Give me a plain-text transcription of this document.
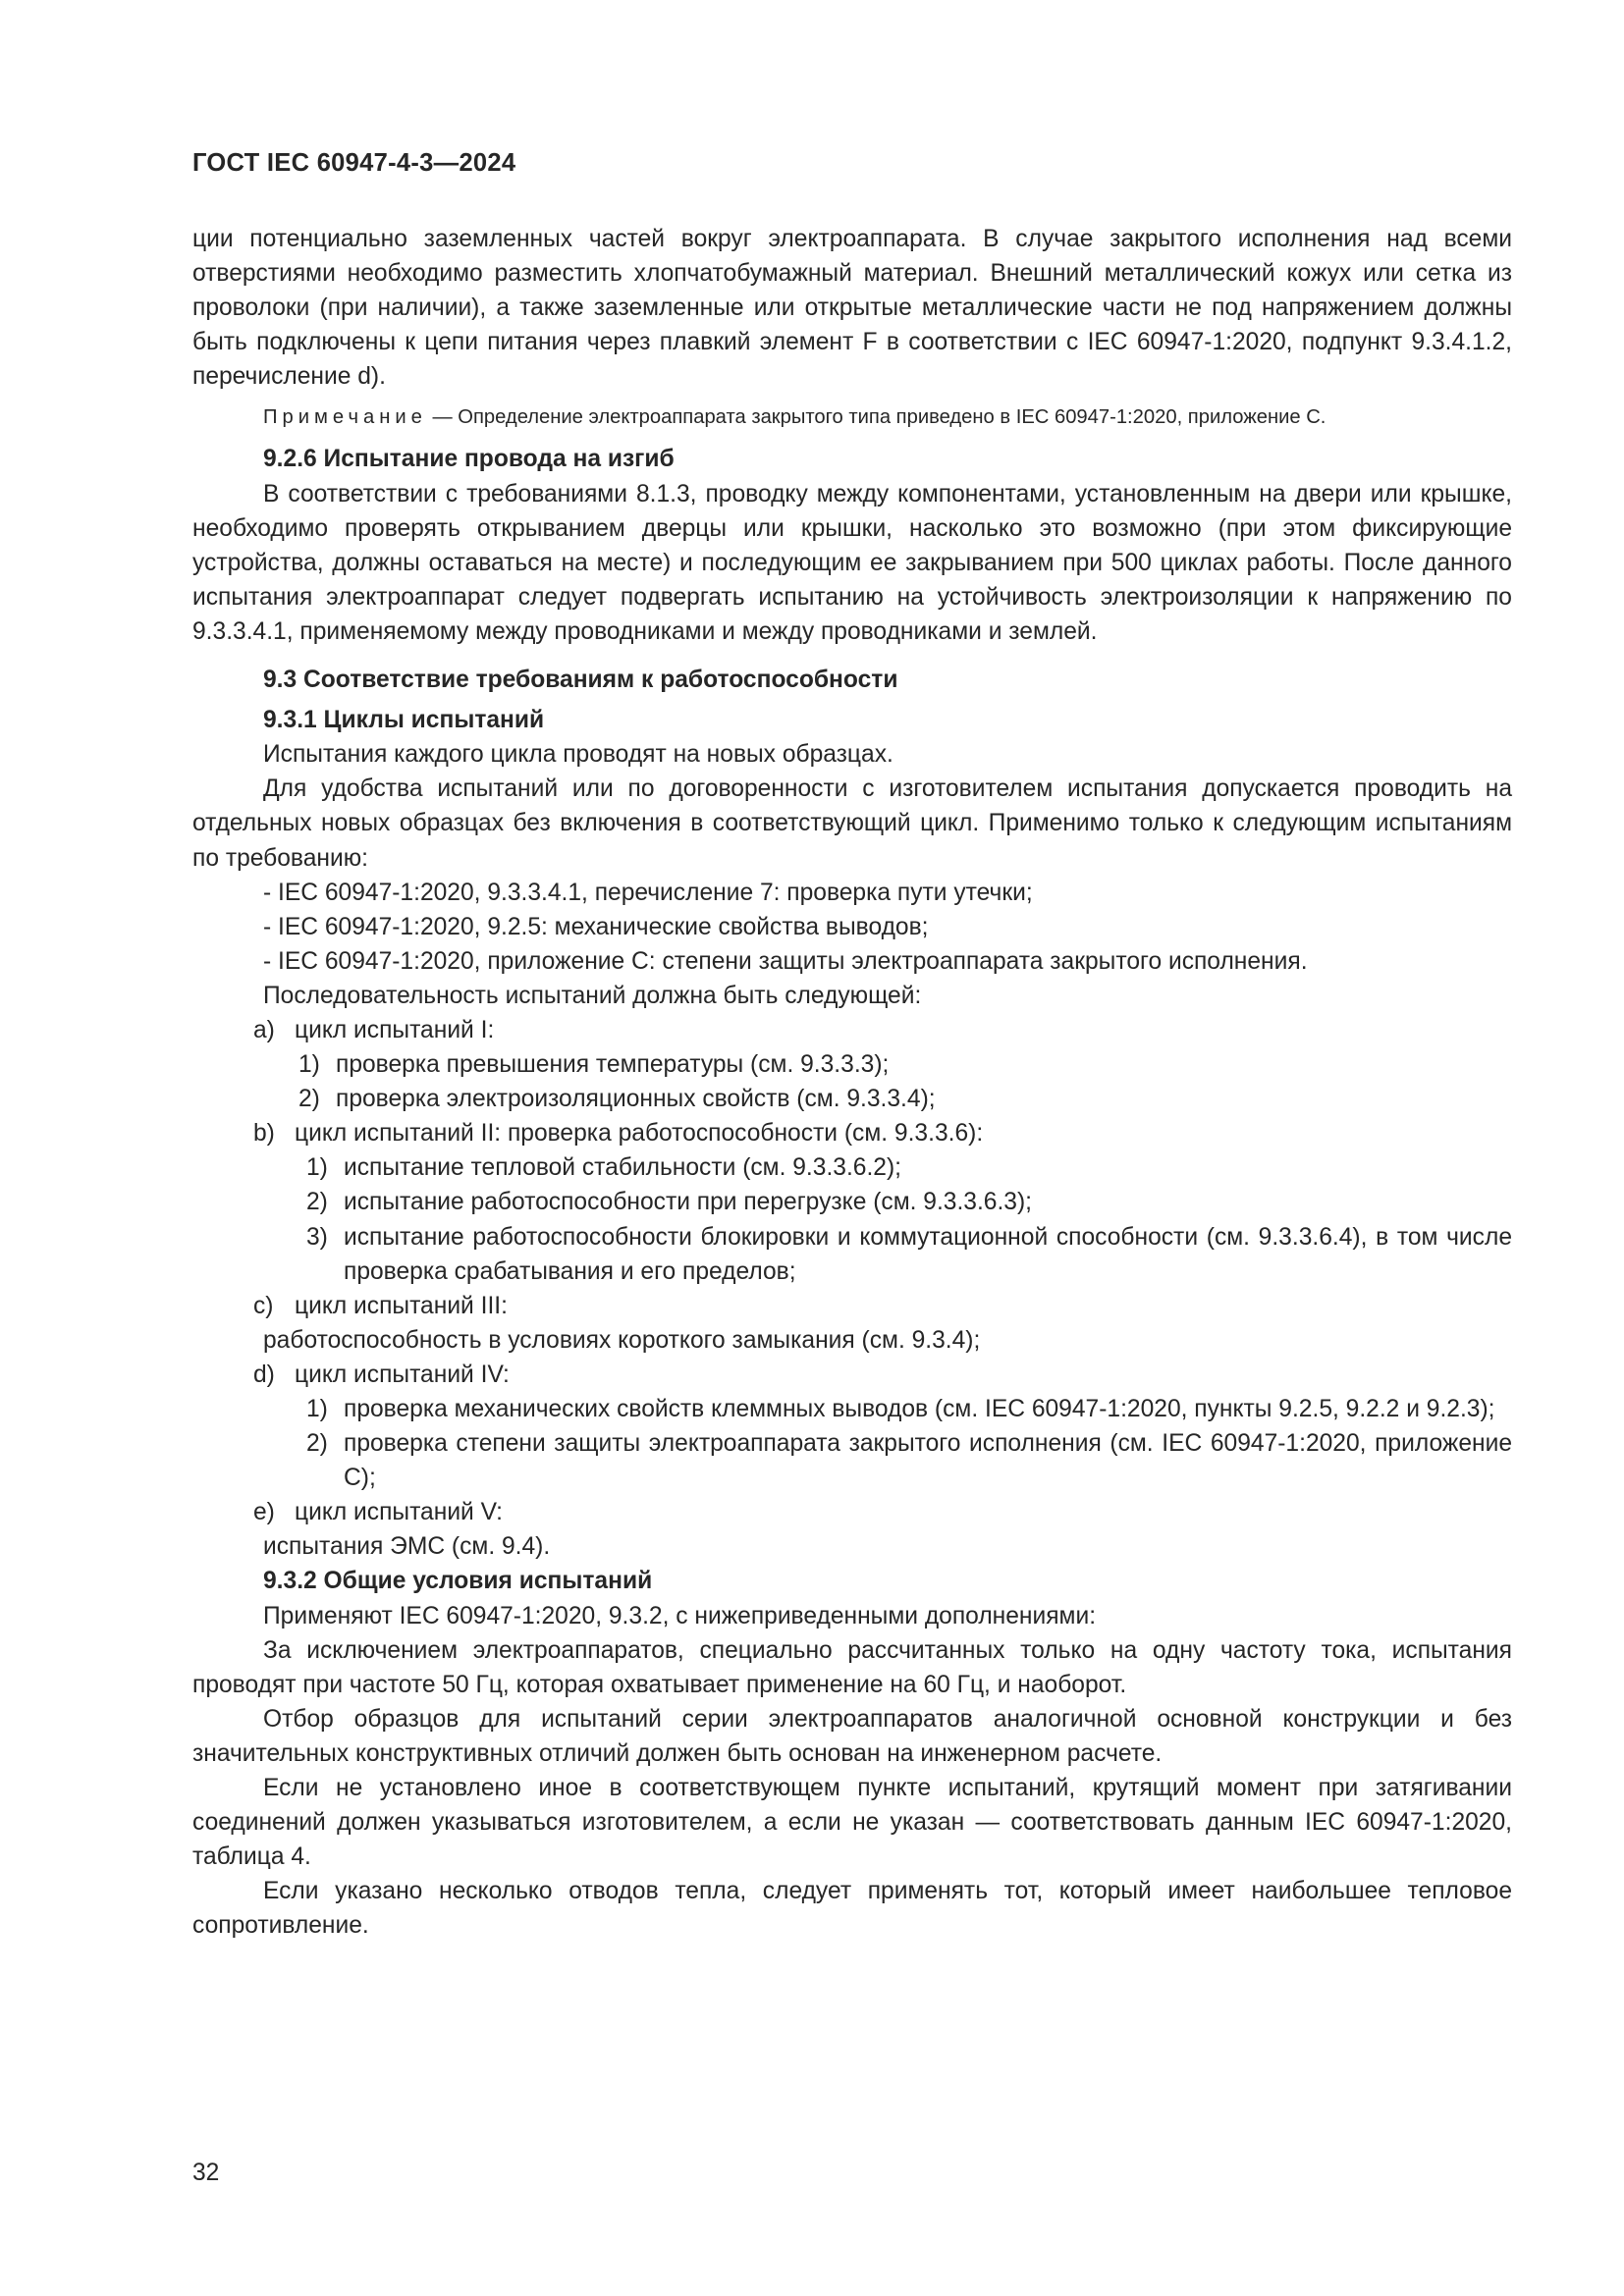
ГОСТ IEC 60947-4-3—2024

ции потенциально заземленных частей вокруг электроаппарата. В случае закрытого исполнения над всеми отверстиями необходимо разместить хлопчатобумажный материал. Внешний металлический кожух или сетка из проволоки (при наличии), а также заземленные или открытые металлические части не под напряжением должны быть подключены к цепи питания через плавкий элемент F в соответствии с IEC 60947-1:2020, подпункт 9.3.4.1.2, перечисление d).

Примечание — Определение электроаппарата закрытого типа приведено в IEC 60947-1:2020, приложение С.

9.2.6 Испытание провода на изгиб

В соответствии с требованиями 8.1.3, проводку между компонентами, установленным на двери или крышке, необходимо проверять открыванием дверцы или крышки, насколько это возможно (при этом фиксирующие устройства, должны оставаться на месте) и последующим ее закрыванием при 500 циклах работы. После данного испытания электроаппарат следует подвергать испытанию на устойчивость электроизоляции к напряжению по 9.3.3.4.1, применяемому между проводниками и между проводниками и землей.

9.3 Соответствие требованиям к работоспособности

9.3.1 Циклы испытаний

Испытания каждого цикла проводят на новых образцах.

Для удобства испытаний или по договоренности с изготовителем испытания допускается проводить на отдельных новых образцах без включения в соответствующий цикл. Применимо только к следующим испытаниям по требованию:

- IEC 60947-1:2020, 9.3.3.4.1, перечисление 7: проверка пути утечки;

- IEC 60947-1:2020, 9.2.5: механические свойства выводов;

- IEC 60947-1:2020, приложение С: степени защиты электроаппарата закрытого исполнения.

Последовательность испытаний должна быть следующей:

a) цикл испытаний I:
1) проверка превышения температуры (см. 9.3.3.3);
2) проверка электроизоляционных свойств (см. 9.3.3.4);
b) цикл испытаний II: проверка работоспособности (см. 9.3.3.6):
1) испытание тепловой стабильности (см. 9.3.3.6.2);
2) испытание работоспособности при перегрузке (см. 9.3.3.6.3);
3) испытание работоспособности блокировки и коммутационной способности (см. 9.3.3.6.4), в том числе проверка срабатывания и его пределов;
c) цикл испытаний III:

работоспособность в условиях короткого замыкания (см. 9.3.4);

d) цикл испытаний IV:
1) проверка механических свойств клеммных выводов (см. IEC 60947-1:2020, пункты 9.2.5, 9.2.2 и 9.2.3);
2) проверка степени защиты электроаппарата закрытого исполнения (см. IEC 60947-1:2020, приложение С);
e) цикл испытаний V:

испытания ЭМС (см. 9.4).

9.3.2 Общие условия испытаний

Применяют IEC 60947-1:2020, 9.3.2, с нижеприведенными дополнениями:

За исключением электроаппаратов, специально рассчитанных только на одну частоту тока, испытания проводят при частоте 50 Гц, которая охватывает применение на 60 Гц, и наоборот.

Отбор образцов для испытаний серии электроаппаратов аналогичной основной конструкции и без значительных конструктивных отличий должен быть основан на инженерном расчете.

Если не установлено иное в соответствующем пункте испытаний, крутящий момент при затягивании соединений должен указываться изготовителем, а если не указан — соответствовать данным IEC 60947-1:2020, таблица 4.

Если указано несколько отводов тепла, следует применять тот, который имеет наибольшее тепловое сопротивление.

32
